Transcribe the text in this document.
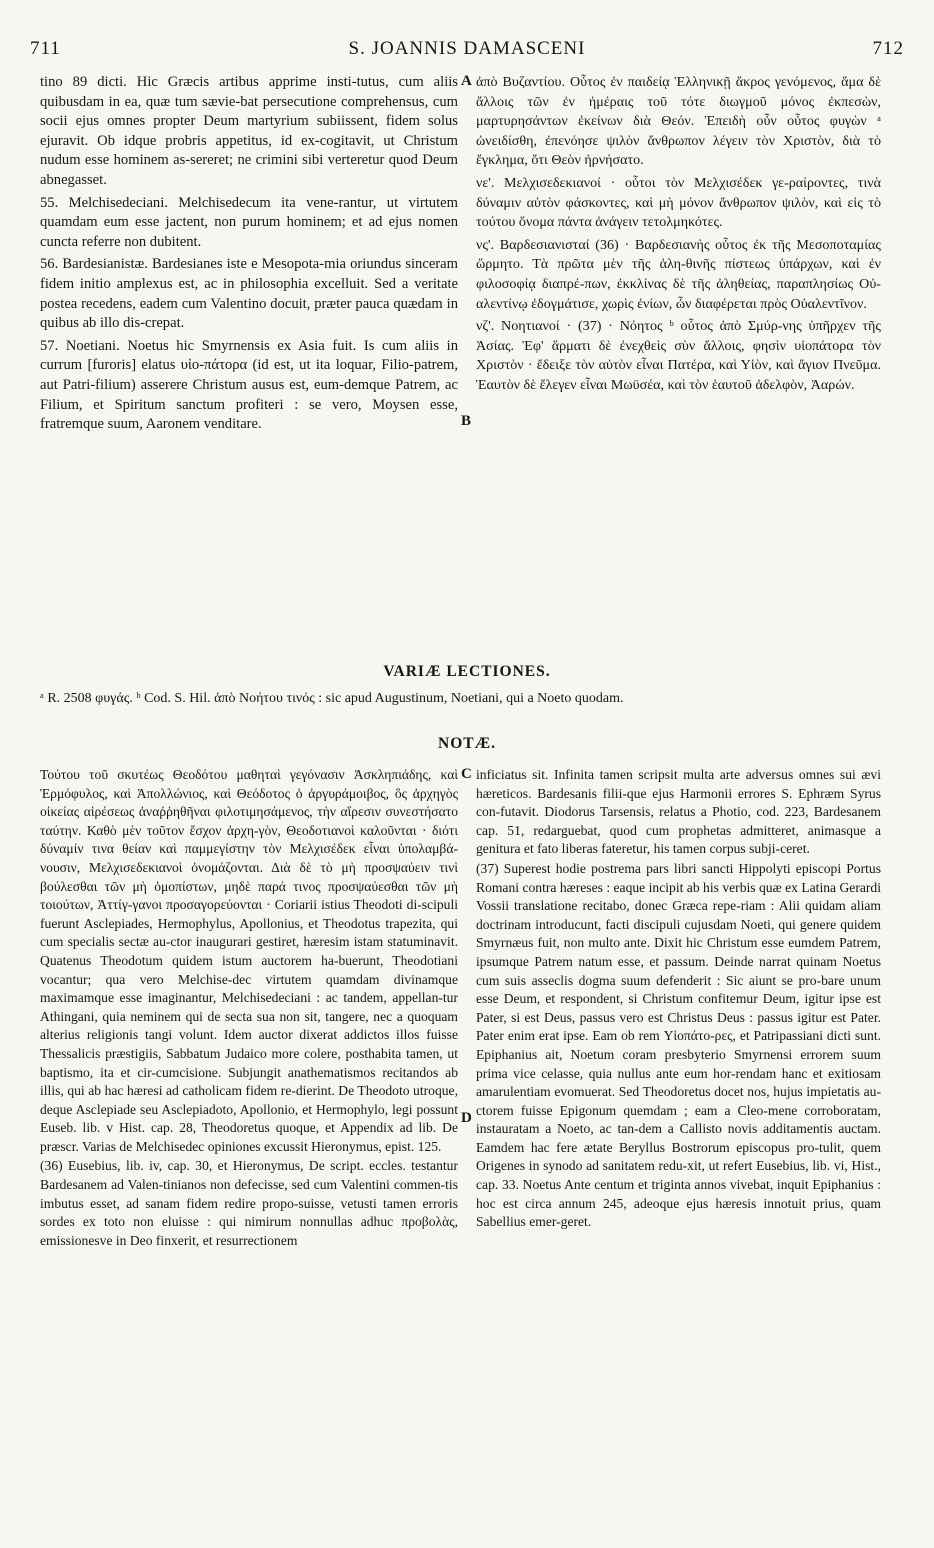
711	S. JOANNIS DAMASCENI	712

tino 89 dicti. Hic Græcis artibus apprime insti-tutus, cum aliis quibusdam in ea, quæ tum sævie-bat persecutione comprehensus, cum socii ejus omnes propter Deum martyrium subiissent, fidem solus ejuravit. Ob idque probris appetitus, id ex-cogitavit, ut Christum nudum esse hominem as-sereret; ne crimini sibi verteretur quod Deum abnegasset.

55. Melchisedeciani. Melchisedecum ita vene-rantur, ut virtutem quamdam eum esse jactent, non purum hominem; et ad ejus nomen cuncta referre non dubitent.

56. Bardesianistæ. Bardesianes iste e Mesopota-mia oriundus sinceram fidem initio amplexus est, ac in philosophia excelluit. Sed a veritate postea recedens, eadem cum Valentino docuit, præter pauca quædam in quibus ab illo dis-crepat.

57. Noetiani. Noetus hic Smyrnensis ex Asia fuit. Is cum aliis in currum [furoris] elatus υἱο-πάτορα (id est, ut ita loquar, Filio-patrem, aut Patri-filium) asserere Christum ausus est, eum-demque Patrem, ac Filium, et Spiritum sanctum profiteri : se vero, Moysen esse, fratremque suum, Aaronem venditare.

ἀπὸ Βυζαντίου. Οὗτος ἐν παιδείᾳ Ἑλληνικῇ ἄκρος γενόμενος, ἅμα δὲ ἄλλοις τῶν ἐν ἡμέραις τοῦ τότε διωγμοῦ μόνος ἐκπεσὼν, μαρτυρησάντων ἐκείνων διὰ Θεόν. Ἐπειδὴ οὖν οὗτος φυγὼν ᵃ ὠνειδίσθη, ἐπενόησε ψιλὸν ἄνθρωπον λέγειν τὸν Χριστὸν, διὰ τὸ ἔγκλημα, ὅτι Θεὸν ἠρνήσατο.

νε'. Μελχισεδεκιανοί · οὗτοι τὸν Μελχισέδεκ γε-ραίροντες, τινὰ δύναμιν αὐτὸν φάσκοντες, καὶ μὴ μόνον ἄνθρωπον ψιλὸν, καὶ εἰς τὸ τούτου ὄνομα πάντα ἀνάγειν τετολμηκότες.

νς'. Βαρδεσιανισταί (36) · Βαρδεσιανὴς οὗτος ἐκ τῆς Μεσοποταμίας ὥρμητο. Τὰ πρῶτα μὲν τῆς ἀλη-θινῆς πίστεως ὑπάρχων, καὶ ἐν φιλοσοφίᾳ διαπρέ-πων, ἐκκλίνας δὲ τῆς ἀληθείας, παραπλησίως Οὐ-αλεντίνῳ ἐδογμάτισε, χωρὶς ἐνίων, ὧν διαφέρεται πρὸς Οὐαλεντῖνον.

νζ'. Νοητιανοί · (37) · Νόητος ᵇ οὗτος ἀπὸ Σμύρ-νης ὑπῆρχεν τῆς Ἀσίας. Ἐφ' ἅρματι δὲ ἐνεχθεὶς σὺν ἄλλοις, φησὶν υἱοπάτορα τὸν Χριστὸν · ἔδειξε τὸν αὐτὸν εἶναι Πατέρα, καὶ Υἱὸν, καὶ ἅγιον Πνεῦμα. Ἑαυτὸν δὲ ἔλεγεν εἶναι Μωϋσέα, καὶ τὸν ἑαυτοῦ ἀδελφὸν, Ἀαρών.

A
B
C
D
VARIÆ LECTIONES.
ᵃ R. 2508 φυγάς. ᵇ Cod. S. Hil. ἀπὸ Νοήτου τινός : sic apud Augustinum, Noetiani, qui a Noeto quodam.
NOTÆ.

Τούτου τοῦ σκυτέως Θεοδότου μαθηταὶ γεγόνασιν Ἀσκληπιάδης, καὶ Ἑρμόφυλος, καὶ Ἀπολλώνιος, καὶ Θεόδοτος ὁ ἀργυράμοιβος, ὃς ἀρχηγὸς οἰκείας αἱρέσεως ἀναῤῥηθῆναι φιλοτιμησάμενος, τὴν αἵρεσιν συνεστήσατο ταύτην. Καθὸ μὲν τοῦτον ἔσχον ἀρχη-γὸν, Θεοδοτιανοὶ καλοῦνται · διότι δύναμίν τινα θείαν καὶ παμμεγίστην τὸν Μελχισέδεκ εἶναι ὑπολαμβά-νουσιν, Μελχισεδεκιανοὶ ὀνομάζονται. Διὰ δὲ τὸ μὴ προσψαύειν τινὶ βούλεσθαι τῶν μὴ ὁμοπίστων, μηδὲ παρά τινος προσψαύεσθαι τῶν μὴ τοιούτων, Ἀττίγ-γανοι προσαγορεύονται · Coriarii istius Theodoti di-scipuli fuerunt Asclepiades, Hermophylus, Apollonius, et Theodotus trapezita, qui cum specialis sectæ au-ctor inaugurari gestiret, hæresim istam statuminavit. Quatenus Theodotum quidem istum auctorem ha-buerunt, Theodotiani vocantur; qua vero Melchise-dec virtutem quamdam divinamque maximamque esse imaginantur, Melchisedeciani : ac tandem, appellan-tur Athingani, quia neminem qui de secta sua non sit, tangere, nec a quoquam alterius religionis tangi volunt. Idem auctor dixerat addictos illos fuisse Thessalicis præstigiis, Sabbatum Judaico more colere, posthabita tamen, ut baptismo, ita et cir-cumcisione. Subjungit anathematismos recitandos ab illis, qui ab hac hæresi ad catholicam fidem re-dierint. De Theodoto utroque, deque Asclepiade seu Asclepiadoto, Apollonio, et Hermophylo, legi possunt Euseb. lib. v Hist. cap. 28, Theodoretus quoque, et Appendix ad lib. De præscr. Varias de Melchisedec opiniones excussit Hieronymus, epist. 125.

(36) Eusebius, lib. iv, cap. 30, et Hieronymus, De script. eccles. testantur Bardesanem ad Valen-tinianos non defecisse, sed cum Valentini commen-tis imbutus esset, ad sanam fidem redire propo-suisse, vetusti tamen erroris sordes ex toto non eluisse : qui nimirum nonnullas adhuc προβολὰς, emissionesve in Deo finxerit, et resurrectionem

inficiatus sit. Infinita tamen scripsit multa arte adversus omnes sui ævi hæreticos. Bardesanis filii-que ejus Harmonii errores S. Ephræm Syrus con-futavit. Diodorus Tarsensis, relatus a Photio, cod. 223, Bardesanem cap. 51, redarguebat, quod cum prophetas admitteret, animasque a genitura et fato liberas fateretur, his tamen corpus subji-ceret.

(37) Superest hodie postrema pars libri sancti Hippolyti episcopi Portus Romani contra hæreses : eaque incipit ab his verbis quæ ex Latina Gerardi Vossii translatione recitabo, donec Græca repe-riam : Alii quidam aliam doctrinam introducunt, facti discipuli cujusdam Noeti, qui genere quidem Smyrnæus fuit, non multo ante. Dixit hic Christum esse eumdem Patrem, ipsumque Patrem natum esse, et passum. Deinde narrat quinam Noetus cum suis asseclis dogma suum defenderit : Sic aiunt se pro-bare unum esse Deum, et respondent, si Christum confitemur Deum, igitur ipse est Pater, si est Deus, passus vero est Christus Deus : passus igitur est Pater. Pater enim erat ipse. Eam ob rem Υἱοπάτο-ρες, et Patripassiani dicti sunt. Epiphanius ait, Noetum coram presbyterio Smyrnensi errorem suum prima vice celasse, quia nullus ante eum hor-rendam hanc et exitiosam amarulentiam evomuerat. Sed Theodoretus docet nos, hujus impietatis au-ctorem fuisse Epigonum quemdam ; eam a Cleo-mene corroboratam, instauratam a Noeto, ac tan-dem a Callisto novis additamentis auctam. Eamdem hac fere ætate Beryllus Bostrorum episcopus pro-tulit, quem Origenes in synodo ad sanitatem redu-xit, ut refert Eusebius, lib. vi, Hist., cap. 33. Noetus Ante centum et triginta annos vivebat, inquit Epiphanius : hoc est circa annum 245, adeoque ejus hæresis innotuit prius, quam Sabellius emer-geret.
